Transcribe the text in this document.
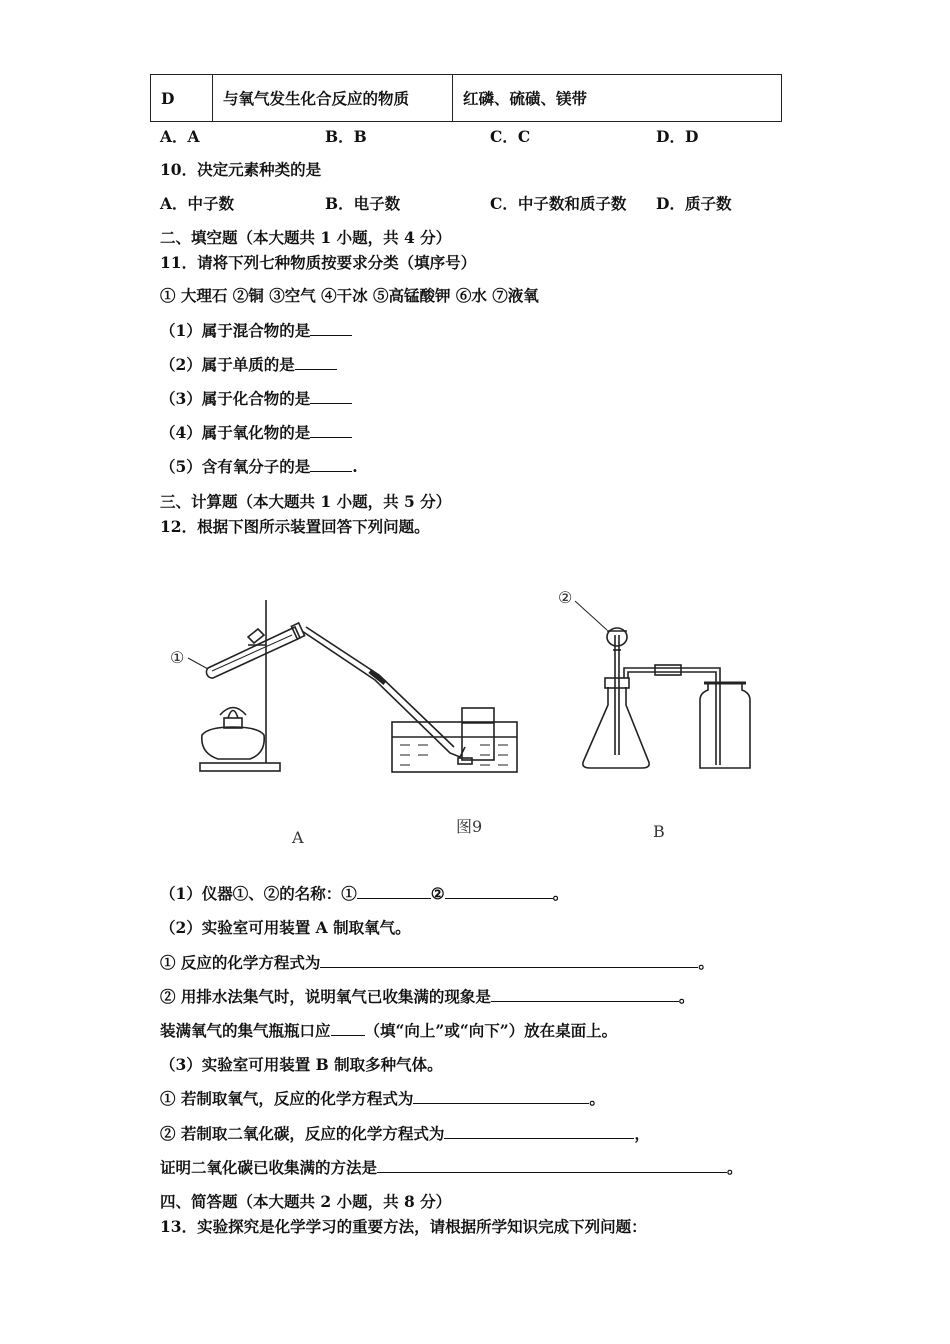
D	与氧气发生化合反应的物质	红磷、硫磺、镁带
A．A	B．B	C．C	D．D
10．决定元素种类的是
A．中子数	B．电子数	C．中子数和质子数 D．质子数
二、填空题（本大题共 1 小题，共 4 分）
11．请将下列七种物质按要求分类（填序号）
① 大理石 ②铜 ③空气 ④干冰 ⑤高锰酸钾 ⑥水 ⑦液氧
（1）属于混合物的是
（2）属于单质的是
（3）属于化合物的是
（4）属于氧化物的是
（5）含有氧分子的是	.
三、计算题（本大题共 1 小题，共 5 分）
12．根据下图所示装置回答下列问题。
①
②
图9
A	B
（1）仪器①、②的名称：①	②	。
（2）实验室可用装置 A 制取氧气。
① 反应的化学方程式为	。
② 用排水法集气时，说明氧气已收集满的现象是	。
装满氧气的集气瓶瓶口应 （填“向上”或“向下”）放在桌面上。
（3）实验室可用装置 B 制取多种气体。
① 若制取氧气，反应的化学方程式为	。
② 若制取二氧化碳，反应的化学方程式为	，
证明二氧化碳已收集满的方法是	。
四、简答题（本大题共 2 小题，共 8 分）
13．实验探究是化学学习的重要方法，请根据所学知识完成下列问题：
